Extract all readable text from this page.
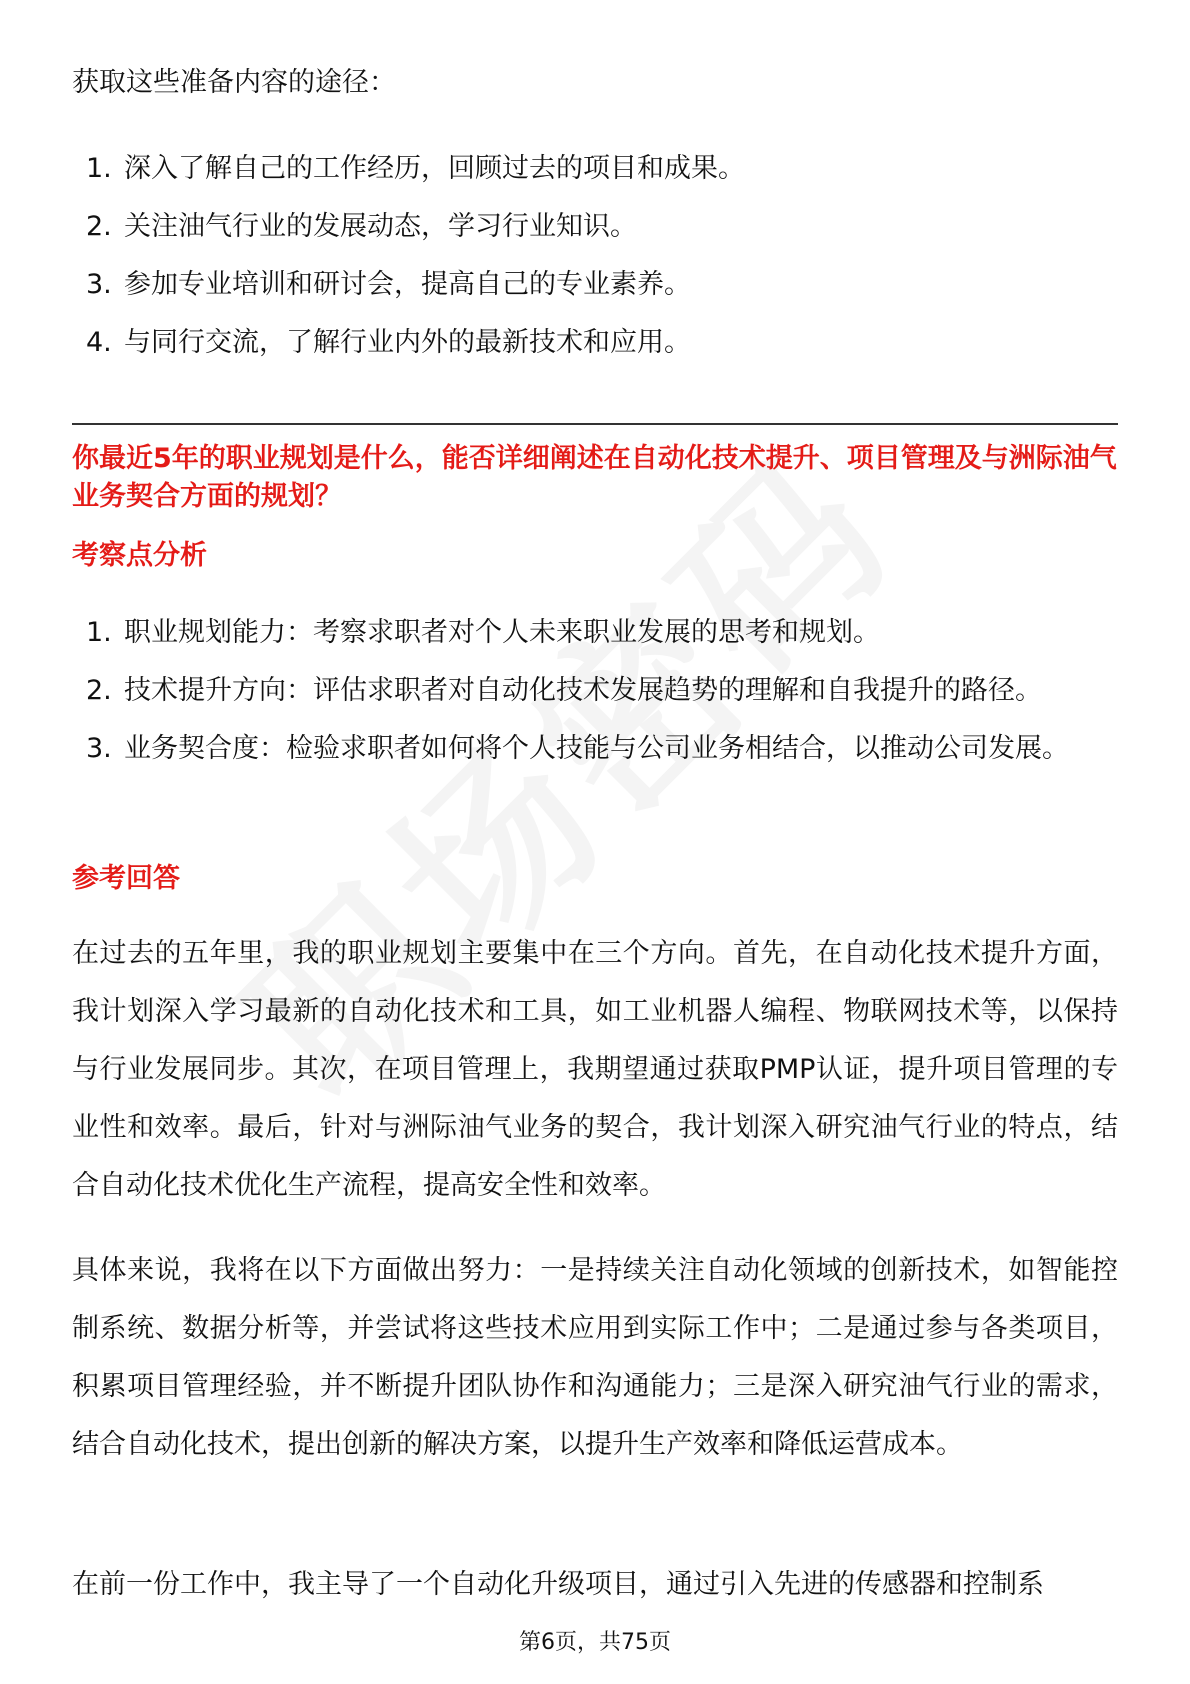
获取这些准备内容的途径：

1. 深入了解自己的工作经历，回顾过去的项目和成果。
2. 关注油气行业的发展动态，学习行业知识。
3. 参加专业培训和研讨会，提高自己的专业素养。
4. 与同行交流，了解行业内外的最新技术和应用。

你最近5年的职业规划是什么，能否详细阐述在自动化技术提升、项目管理及与洲际油气业务契合方面的规划？

考察点分析

1. 职业规划能力：考察求职者对个人未来职业发展的思考和规划。
2. 技术提升方向：评估求职者对自动化技术发展趋势的理解和自我提升的路径。
3. 业务契合度：检验求职者如何将个人技能与公司业务相结合，以推动公司发展。

参考回答

在过去的五年里，我的职业规划主要集中在三个方向。首先，在自动化技术提升方面，我计划深入学习最新的自动化技术和工具，如工业机器人编程、物联网技术等，以保持与行业发展同步。其次，在项目管理上，我期望通过获取PMP认证，提升项目管理的专业性和效率。最后，针对与洲际油气业务的契合，我计划深入研究油气行业的特点，结合自动化技术优化生产流程，提高安全性和效率。

具体来说，我将在以下方面做出努力：一是持续关注自动化领域的创新技术，如智能控制系统、数据分析等，并尝试将这些技术应用到实际工作中；二是通过参与各类项目，积累项目管理经验，并不断提升团队协作和沟通能力；三是深入研究油气行业的需求，结合自动化技术，提出创新的解决方案，以提升生产效率和降低运营成本。

在前一份工作中，我主导了一个自动化升级项目，通过引入先进的传感器和控制系

第6页，共75页
